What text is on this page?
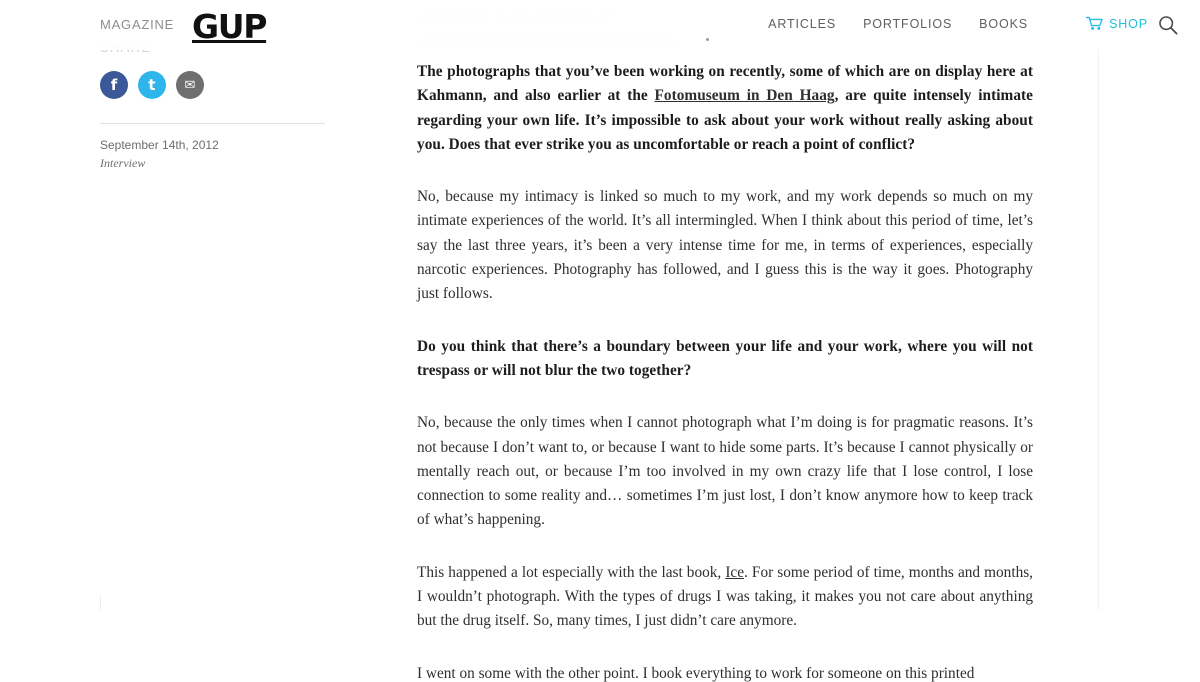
MAGAZINE GUP	ARTICLES PORTFOLIOS BOOKS	SHOP
f	t	✉
September 14th, 2012
Interview

The photographs that you’ve been working on recently, some of which are on display here at Kahmann, and also earlier at the Fotomuseum in Den Haag, are quite intensely intimate regarding your own life. It’s impossible to ask about your work without really asking about you. Does that ever strike you as uncomfortable or reach a point of conflict?

No, because my intimacy is linked so much to my work, and my work depends so much on my intimate experiences of the world. It’s all intermingled. When I think about this period of time, let’s say the last three years, it’s been a very intense time for me, in terms of experiences, especially narcotic experiences. Photography has followed, and I guess this is the way it goes. Photography just follows.

Do you think that there’s a boundary between your life and your work, where you will not trespass or will not blur the two together?

No, because the only times when I cannot photograph what I’m doing is for pragmatic reasons. It’s not because I don’t want to, or because I want to hide some parts. It’s because I cannot physically or mentally reach out, or because I’m too involved in my own crazy life that I lose control, I lose connection to some reality and… sometimes I’m just lost, I don’t know anymore how to keep track of what’s happening.

This happened a lot especially with the last book, Ice. For some period of time, months and months, I wouldn’t photograph. With the types of drugs I was taking, it makes you not care about anything but the drug itself. So, many times, I just didn’t care anymore.

I went on some with the other point. I book everything to work for someone on this printed
